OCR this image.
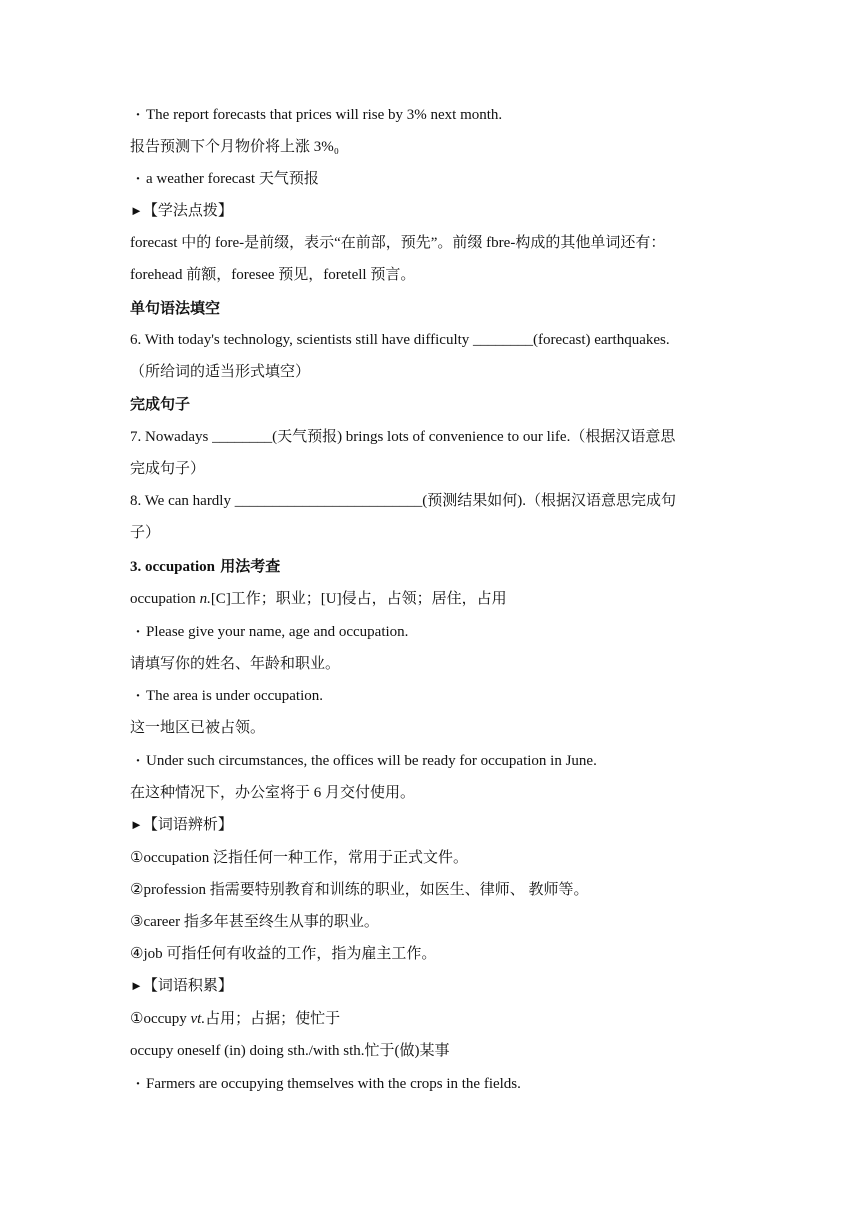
· The report forecasts that prices will rise by 3% next month.
报告预测下个月物价将上涨 3%₀
· a weather forecast 天气预报
►【学法点拨】
forecast 中的 fore-是前缀，表示“在前部，预先”。前缀 fbre-构成的其他单词还有：
forehead 前额，foresee 预见，foretell 预言。
单句语法填空
6. With today's technology, scientists still have difficulty ________(forecast) earthquakes.
（所给词的适当形式填空）
完成句子
7. Nowadays ________(天气预报) brings lots of convenience to our life.（根据汉语意思
完成句子）
8. We can hardly _________________________(预测结果如何).（根据汉语意思完成句
子）
3. occupation 用法考查
occupation n.[C]工作；职业；[U]侵占，占领；居住，占用
· Please give your name, age and occupation.
请填写你的姓名、年龄和职业。
· The area is under occupation.
这一地区已被占领。
· Under such circumstances, the offices will be ready for occupation in June.
在这种情况下，办公室将于 6 月交付使用。
►【词语辨析】
①occupation 泛指任何一种工作，常用于正式文件。
②profession 指需要特别教育和训练的职业，如医生、律师、 教师等。
③career 指多年甚至终生从事的职业。
④job 可指任何有收益的工作，指为雇主工作。
►【词语积累】
①occupy vt.占用；占据；使忙于
occupy oneself (in) doing sth./with sth.忙于(做)某事
· Farmers are occupying themselves with the crops in the fields.
